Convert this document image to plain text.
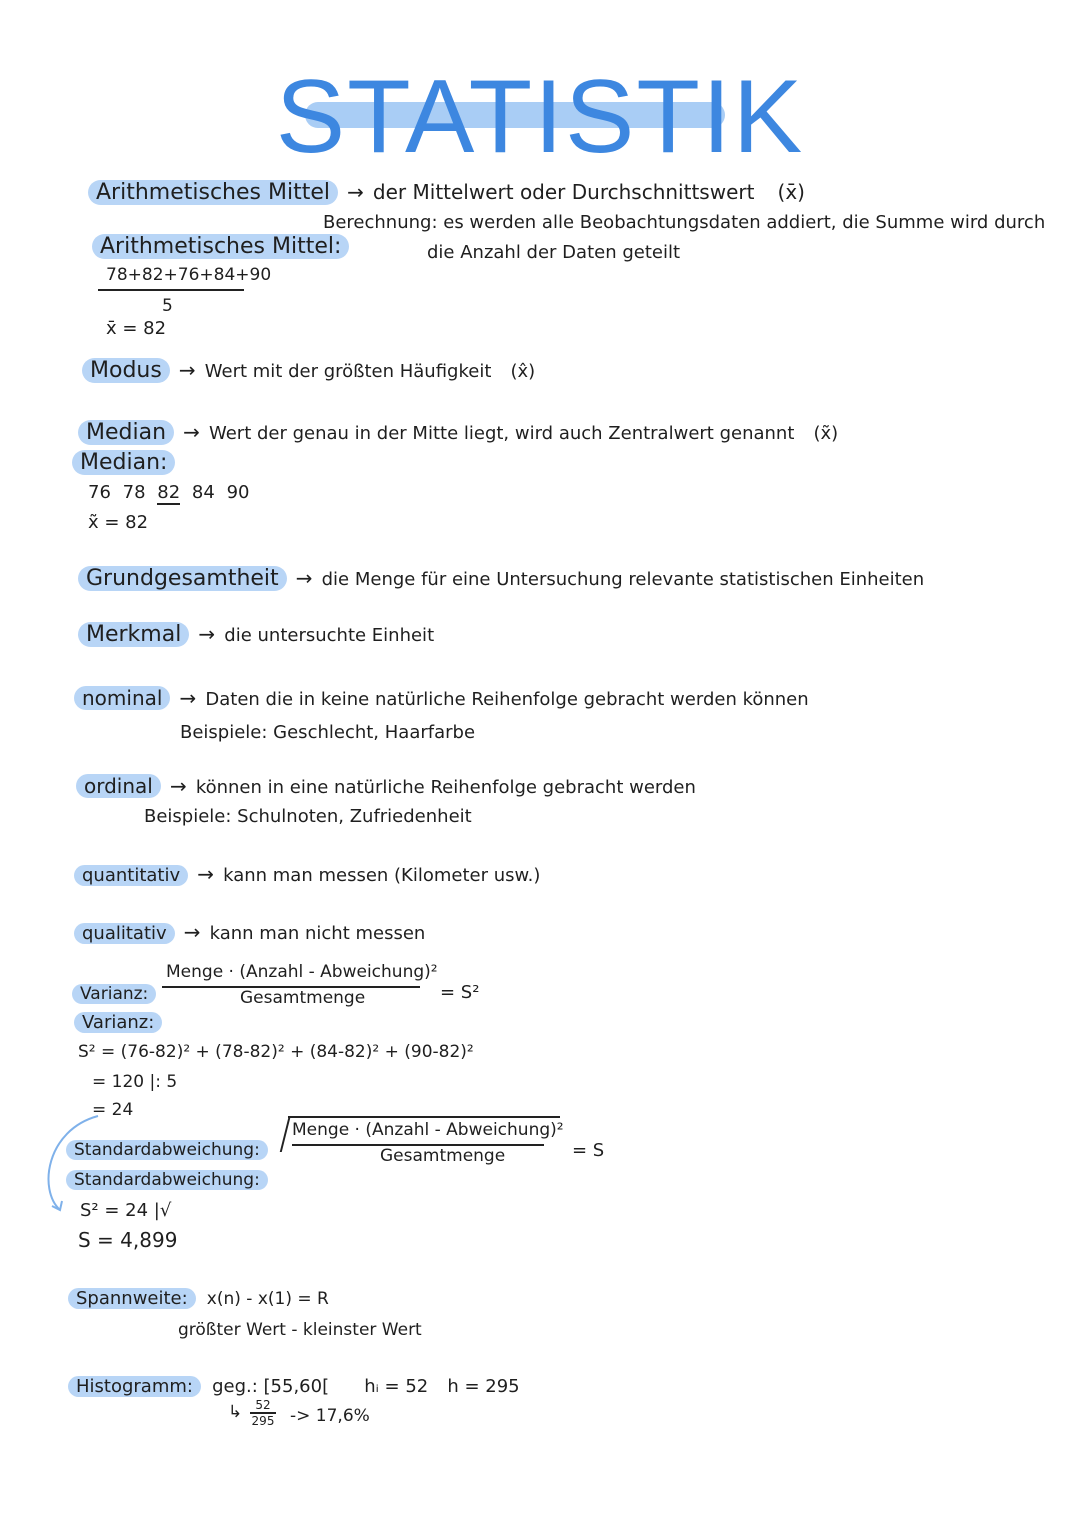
STATISTIK
Arithmetisches Mittel → der Mittelwert oder Durchschnittswert (x̄)
Berechnung: es werden alle Beobachtungsdaten addiert, die Summe wird durch
die Anzahl der Daten geteilt
Arithmetisches Mittel:
78+82+76+84+90
5
x̄ = 82
Modus → Wert mit der größten Häufigkeit (x̂)
Median → Wert der genau in der Mitte liegt, wird auch Zentralwert genannt (x̃)
Median:
76 78 82 84 90
x̃ = 82
Grundgesamtheit → die Menge für eine Untersuchung relevante statistischen Einheiten
Merkmal → die untersuchte Einheit
nominal → Daten die in keine natürliche Reihenfolge gebracht werden können
Beispiele: Geschlecht, Haarfarbe
ordinal → können in eine natürliche Reihenfolge gebracht werden
Beispiele: Schulnoten, Zufriedenheit
quantitativ → kann man messen (Kilometer usw.)
qualitativ → kann man nicht messen
Varianz:
Menge · (Anzahl - Abweichung)²
Gesamtmenge	= S²
Varianz:
S² = (76-82)² + (78-82)² + (84-82)² + (90-82)²
= 120 |: 5
= 24
Standardabweichung:
Menge · (Anzahl - Abweichung)²
Gesamtmenge	= S
Standardabweichung:
S² = 24 |√
S = 4,899
Spannweite: x(n) - x(1) = R
größter Wert - kleinster Wert
Histogramm: geg.: [55,60[ hᵢ = 52 h = 295
↳ $\frac{52}{295} -> 17,6\%$
